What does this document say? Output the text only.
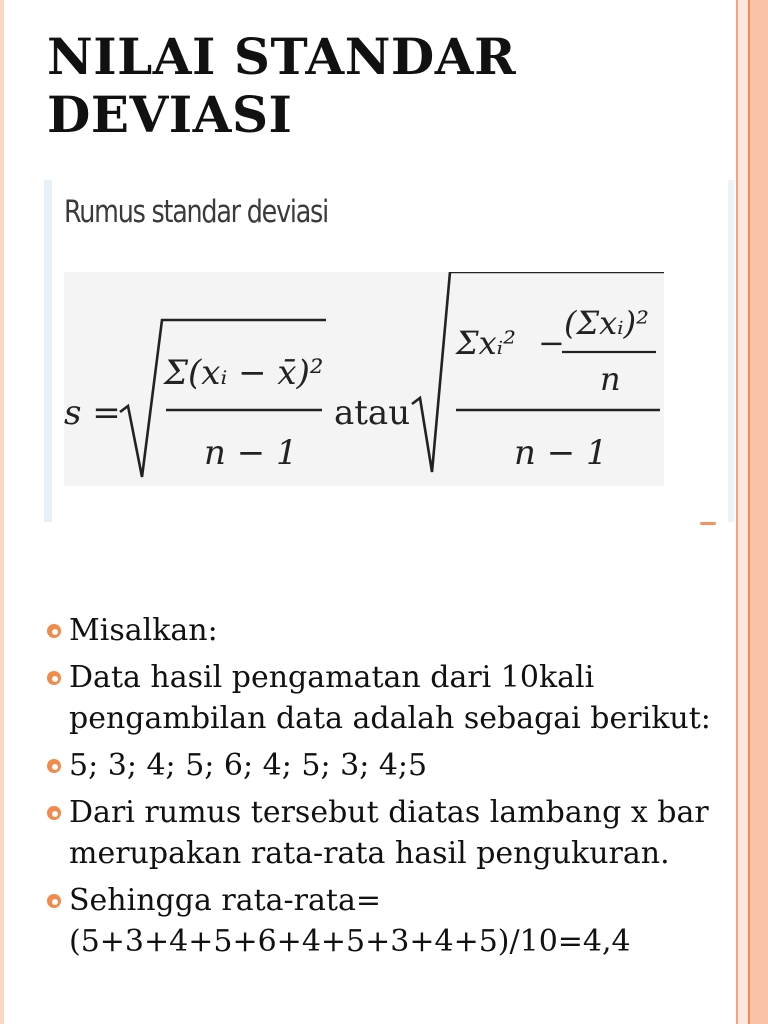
NILAI STANDAR DEVIASI
Rumus standar deviasi
s =
Σ(xᵢ − x̄)²
n − 1
atau
Σxᵢ² −
(Σxᵢ)²
n
n − 1
Misalkan:
Data hasil pengamatan dari 10kali pengambilan data adalah sebagai berikut:
5; 3; 4; 5; 6; 4; 5; 3; 4;5
Dari rumus tersebut diatas lambang x bar merupakan rata-rata hasil pengukuran.
Sehingga rata-rata=(5+3+4+5+6+4+5+3+4+5)/10=4,4
